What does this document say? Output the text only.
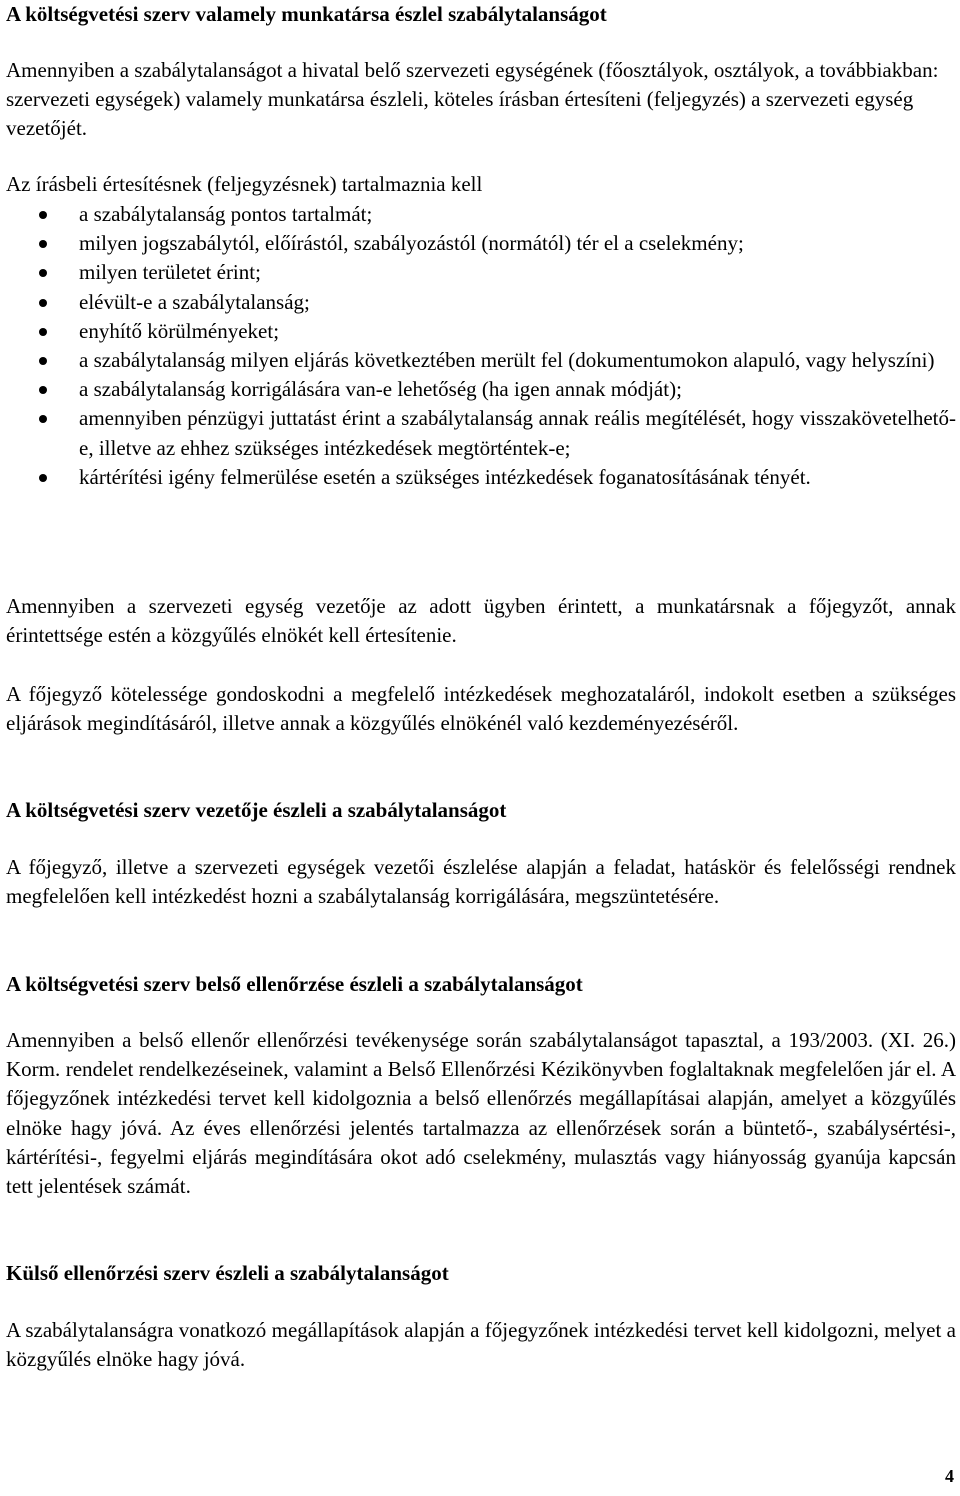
A költségvetési szerv valamely munkatársa észlel szabálytalanságot

Amennyiben a szabálytalanságot a hivatal belő szervezeti egységének (főosztályok, osztályok, a továbbiakban: szervezeti egységek) valamely munkatársa észleli, köteles írásban értesíteni (feljegyzés) a szervezeti egység vezetőjét.

Az írásbeli értesítésnek (feljegyzésnek) tartalmaznia kell

a szabálytalanság pontos tartalmát;
milyen jogszabálytól, előírástól, szabályozástól (normától) tér el a cselekmény;
milyen területet érint;
elévült-e a szabálytalanság;
enyhítő körülményeket;
a szabálytalanság milyen eljárás következtében merült fel (dokumentumokon alapuló, vagy helyszíni)
a szabálytalanság korrigálására van-e lehetőség (ha igen annak módját);
amennyiben pénzügyi juttatást érint a szabálytalanság annak reális megítélését, hogy visszakövetelhető-e, illetve az ehhez szükséges intézkedések megtörténtek-e;
kártérítési igény felmerülése esetén a szükséges intézkedések foganatosításának tényét.

Amennyiben a szervezeti egység vezetője az adott ügyben érintett, a munkatársnak a főjegyzőt, annak érintettsége estén a közgyűlés elnökét kell értesítenie.

A főjegyző kötelessége gondoskodni a megfelelő intézkedések meghozataláról, indokolt esetben a szükséges eljárások megindításáról, illetve annak a közgyűlés elnökénél való kezdeményezéséről.

A költségvetési szerv vezetője észleli a szabálytalanságot

A főjegyző, illetve a szervezeti egységek vezetői észlelése alapján a feladat, hatáskör és felelősségi rendnek megfelelően kell intézkedést hozni a szabálytalanság korrigálására, megszüntetésére.

A költségvetési szerv belső ellenőrzése észleli a szabálytalanságot

Amennyiben a belső ellenőr ellenőrzési tevékenysége során szabálytalanságot tapasztal, a 193/2003. (XI. 26.) Korm. rendelet rendelkezéseinek, valamint a Belső Ellenőrzési Kézikönyvben foglaltaknak megfelelően jár el. A főjegyzőnek intézkedési tervet kell kidolgoznia a belső ellenőrzés megállapításai alapján, amelyet a közgyűlés elnöke hagy jóvá. Az éves ellenőrzési jelentés tartalmazza az ellenőrzések során a büntető-, szabálysértési-, kártérítési-, fegyelmi eljárás megindítására okot adó cselekmény, mulasztás vagy hiányosság gyanúja kapcsán tett jelentések számát.

Külső ellenőrzési szerv észleli a szabálytalanságot

A szabálytalanságra vonatkozó megállapítások alapján a főjegyzőnek intézkedési tervet kell kidolgozni, melyet a közgyűlés elnöke hagy jóvá.

4
